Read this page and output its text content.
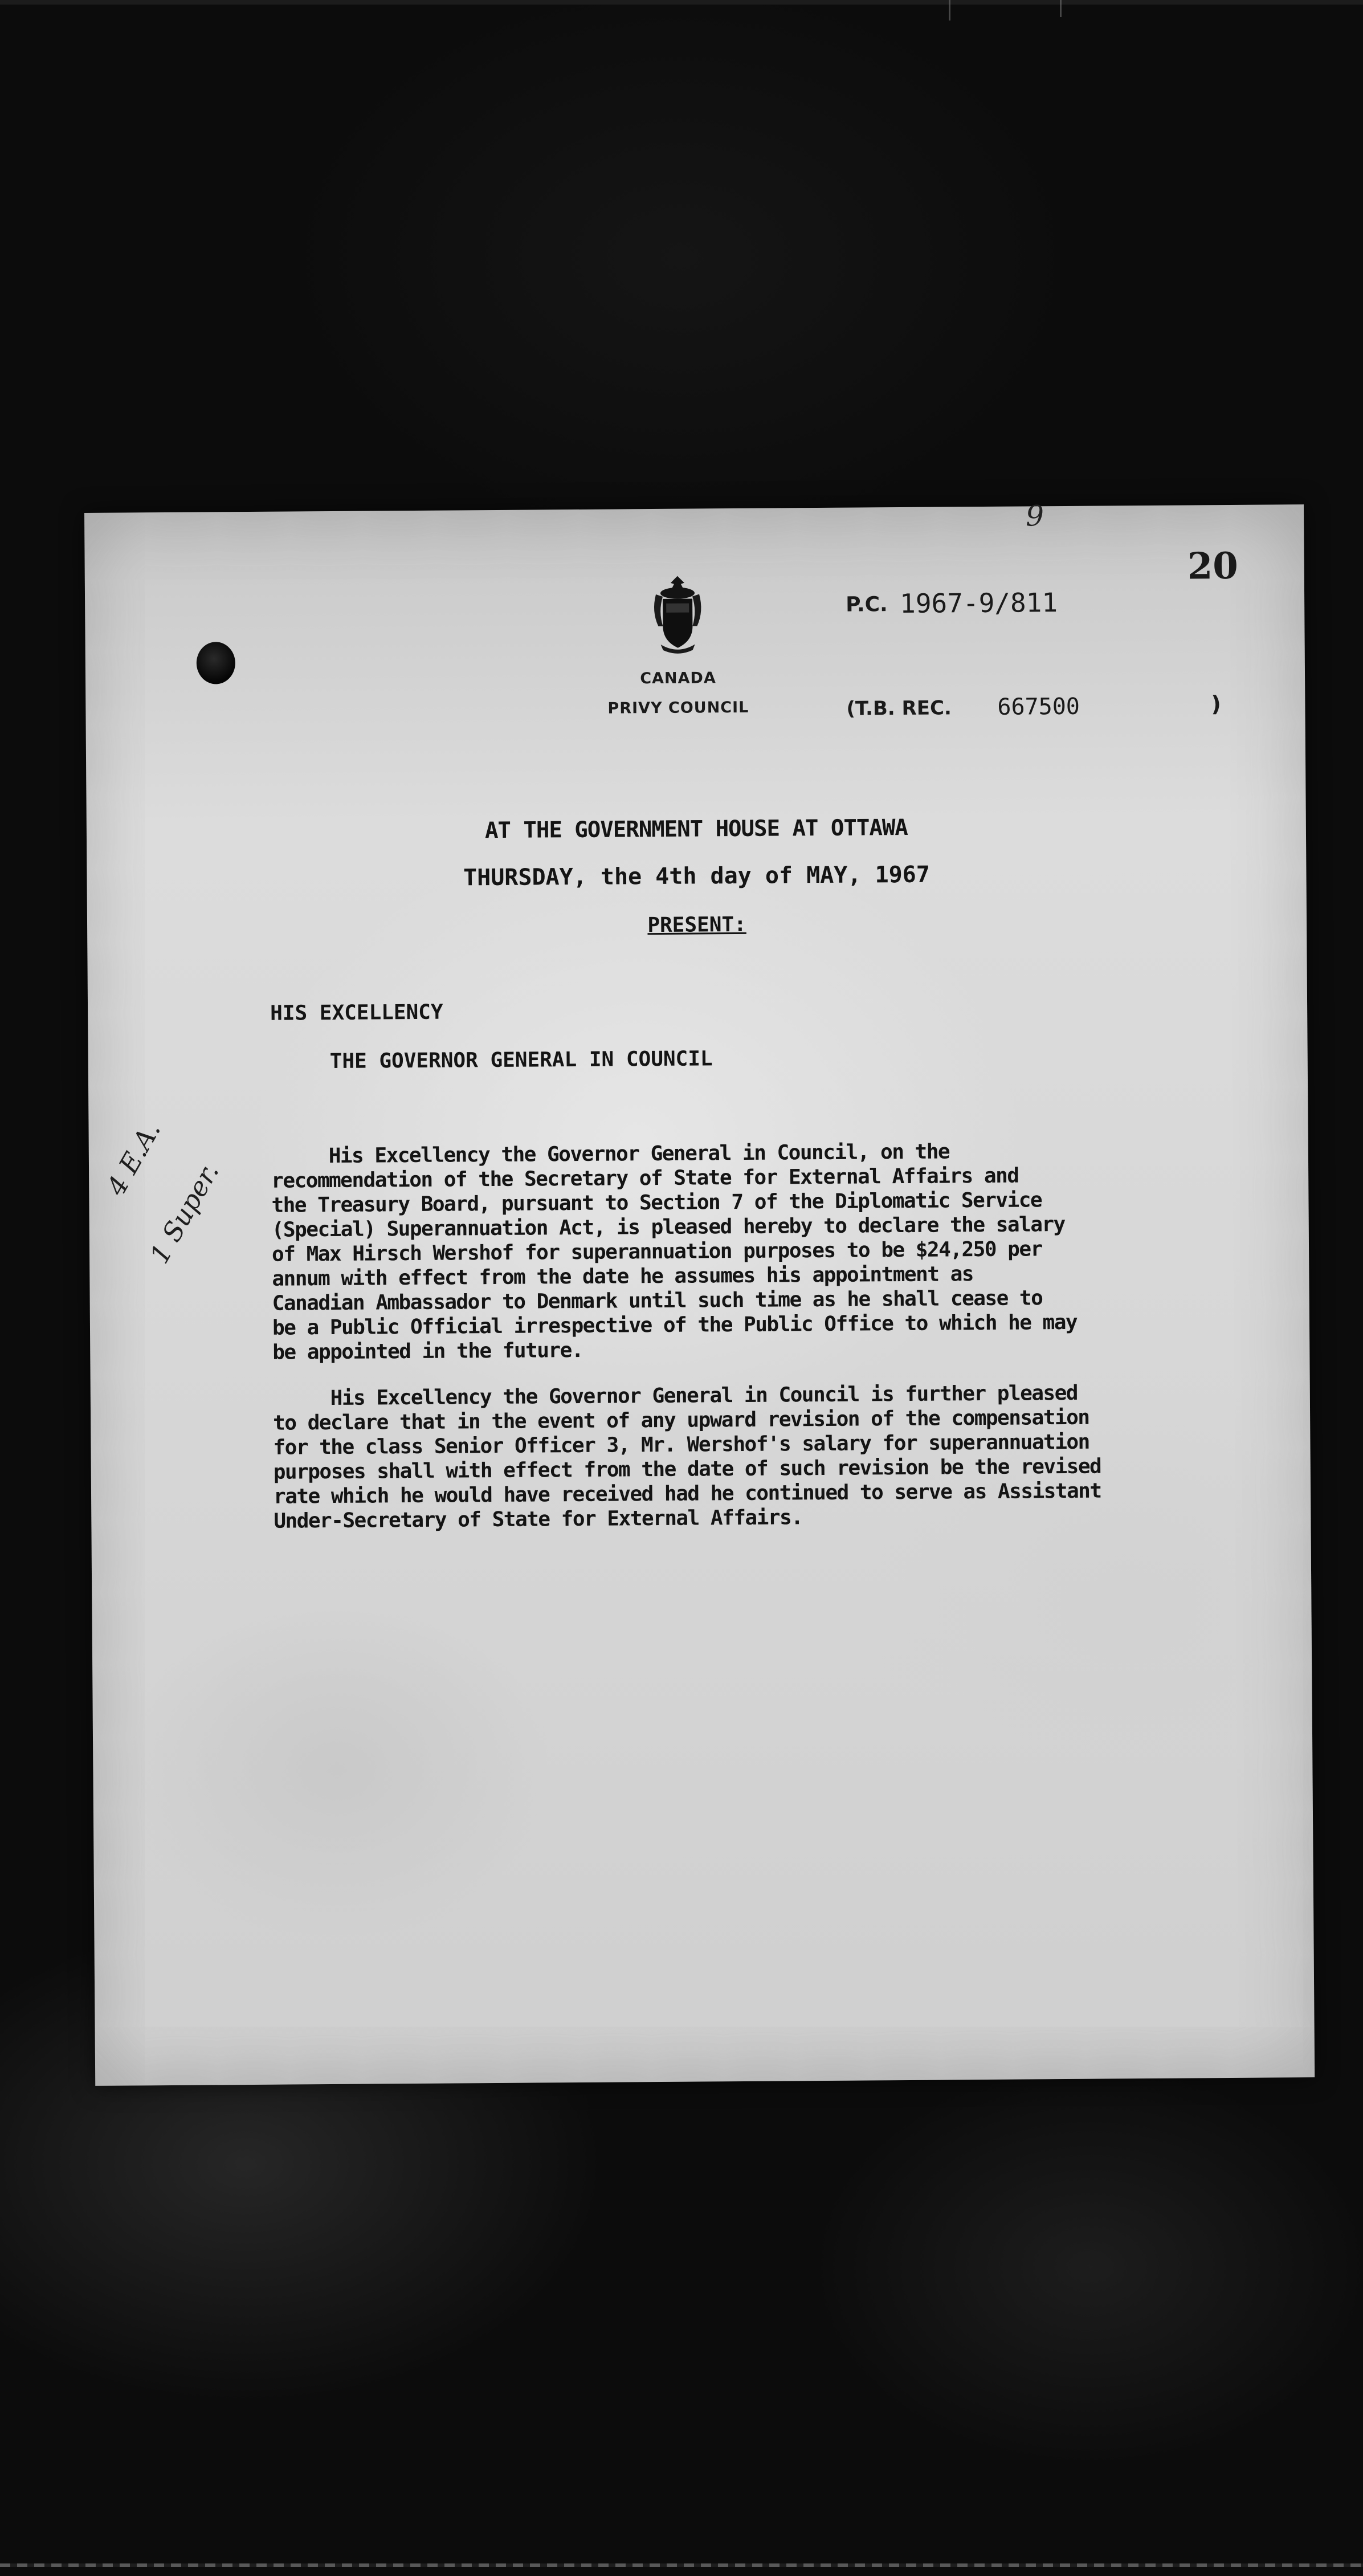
9
20
CANADA
PRIVY COUNCIL
P.C. 1967-9/811
(T.B. REC. 667500	)
AT THE GOVERNMENT HOUSE AT OTTAWA
THURSDAY, the 4th day of MAY, 1967
PRESENT:
HIS EXCELLENCY
THE GOVERNOR GENERAL IN COUNCIL
4 E.A.
1 Super.
His Excellency the Governor General in Council, on the
recommendation of the Secretary of State for External Affairs and
the Treasury Board, pursuant to Section 7 of the Diplomatic Service
(Special) Superannuation Act, is pleased hereby to declare the salary
of Max Hirsch Wershof for superannuation purposes to be $24,250 per
annum with effect from the date he assumes his appointment as
Canadian Ambassador to Denmark until such time as he shall cease to
be a Public Official irrespective of the Public Office to which he may
be appointed in the future.
His Excellency the Governor General in Council is further pleased
to declare that in the event of any upward revision of the compensation
for the class Senior Officer 3, Mr. Wershof's salary for superannuation
purposes shall with effect from the date of such revision be the revised
rate which he would have received had he continued to serve as Assistant
Under-Secretary of State for External Affairs.
